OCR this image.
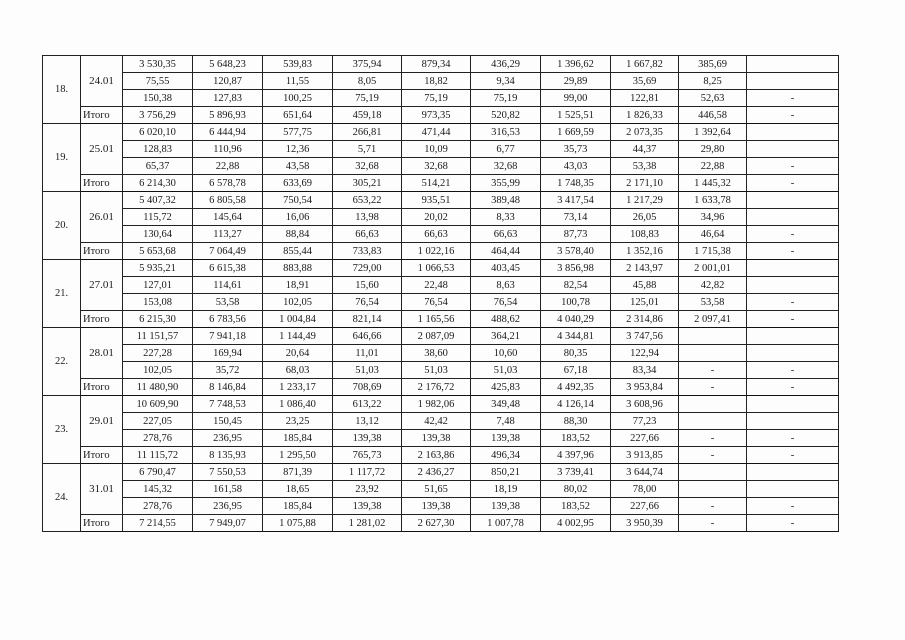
18.	24.01	3 530,35	5 648,23	539,83	375,94	879,34	436,29	1 396,62	1 667,82	385,69	
		75,55	120,87	11,55	8,05	18,82	9,34	29,89	35,69	8,25	
		150,38	127,83	100,25	75,19	75,19	75,19	99,00	122,81	52,63	-
	Итого	3 756,29	5 896,93	651,64	459,18	973,35	520,82	1 525,51	1 826,33	446,58	-
19.	25.01	6 020,10	6 444,94	577,75	266,81	471,44	316,53	1 669,59	2 073,35	1 392,64	
		128,83	110,96	12,36	5,71	10,09	6,77	35,73	44,37	29,80	
		65,37	22,88	43,58	32,68	32,68	32,68	43,03	53,38	22,88	-
	Итого	6 214,30	6 578,78	633,69	305,21	514,21	355,99	1 748,35	2 171,10	1 445,32	-
20.	26.01	5 407,32	6 805,58	750,54	653,22	935,51	389,48	3 417,54	1 217,29	1 633,78	
		115,72	145,64	16,06	13,98	20,02	8,33	73,14	26,05	34,96	
		130,64	113,27	88,84	66,63	66,63	66,63	87,73	108,83	46,64	-
	Итого	5 653,68	7 064,49	855,44	733,83	1 022,16	464,44	3 578,40	1 352,16	1 715,38	-
21.	27.01	5 935,21	6 615,38	883,88	729,00	1 066,53	403,45	3 856,98	2 143,97	2 001,01	
		127,01	114,61	18,91	15,60	22,48	8,63	82,54	45,88	42,82	
		153,08	53,58	102,05	76,54	76,54	76,54	100,78	125,01	53,58	-
	Итого	6 215,30	6 783,56	1 004,84	821,14	1 165,56	488,62	4 040,29	2 314,86	2 097,41	-
22.	28.01	11 151,57	7 941,18	1 144,49	646,66	2 087,09	364,21	4 344,81	3 747,56		
		227,28	169,94	20,64	11,01	38,60	10,60	80,35	122,94		
		102,05	35,72	68,03	51,03	51,03	51,03	67,18	83,34	-	-
	Итого	11 480,90	8 146,84	1 233,17	708,69	2 176,72	425,83	4 492,35	3 953,84	-	-
23.	29.01	10 609,90	7 748,53	1 086,40	613,22	1 982,06	349,48	4 126,14	3 608,96		
		227,05	150,45	23,25	13,12	42,42	7,48	88,30	77,23		
		278,76	236,95	185,84	139,38	139,38	139,38	183,52	227,66	-	-
	Итого	11 115,72	8 135,93	1 295,50	765,73	2 163,86	496,34	4 397,96	3 913,85	-	-
24.	31.01	6 790,47	7 550,53	871,39	1 117,72	2 436,27	850,21	3 739,41	3 644,74		
		145,32	161,58	18,65	23,92	51,65	18,19	80,02	78,00		
		278,76	236,95	185,84	139,38	139,38	139,38	183,52	227,66	-	-
	Итого	7 214,55	7 949,07	1 075,88	1 281,02	2 627,30	1 007,78	4 002,95	3 950,39	-	-
